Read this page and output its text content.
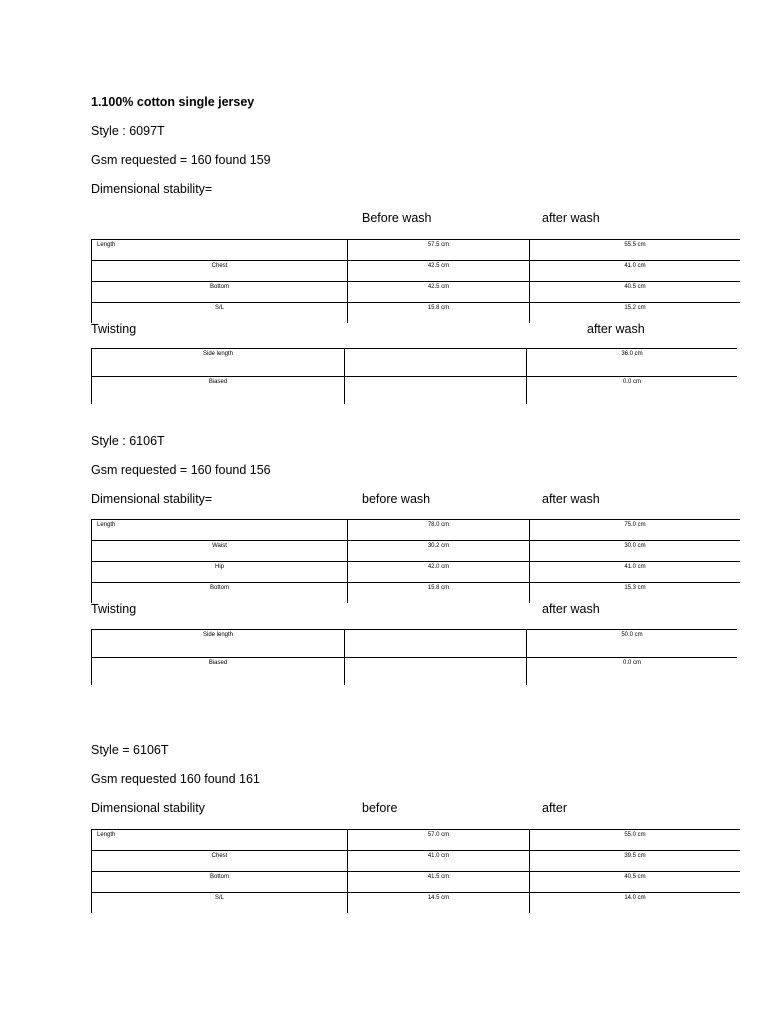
1.100% cotton single jersey
Style : 6097T
Gsm requested = 160 found 159
Dimensional stability=
Before wash	after wash
Length	57.5 cm	55.5 cm
Chest	42.5 cm	41.0 cm
Bottom	42.5 cm	40.5 cm
S/L	15.8 cm	15.2 cm
Twisting	after wash
Side length		36.0 cm
Biased		0.0 cm
Style : 6106T
Gsm requested = 160 found 156
Dimensional stability=	before wash	after wash
Length	78.0 cm	75.0 cm
Waist	30.2 cm	30.0 cm
Hip	42.0 cm	41.0 cm
Bottom	15.8 cm	15.3 cm
Twisting	after wash
Side length		50.0 cm
Biased		0.0 cm
Style = 6106T
Gsm requested 160 found 161
Dimensional stability	before	after
Length	57.0 cm	55.0 cm
Chest	41.0 cm	39.5 cm
Bottom	41.5 cm	40.5 cm
S/L	14.5 cm	14.0 cm
